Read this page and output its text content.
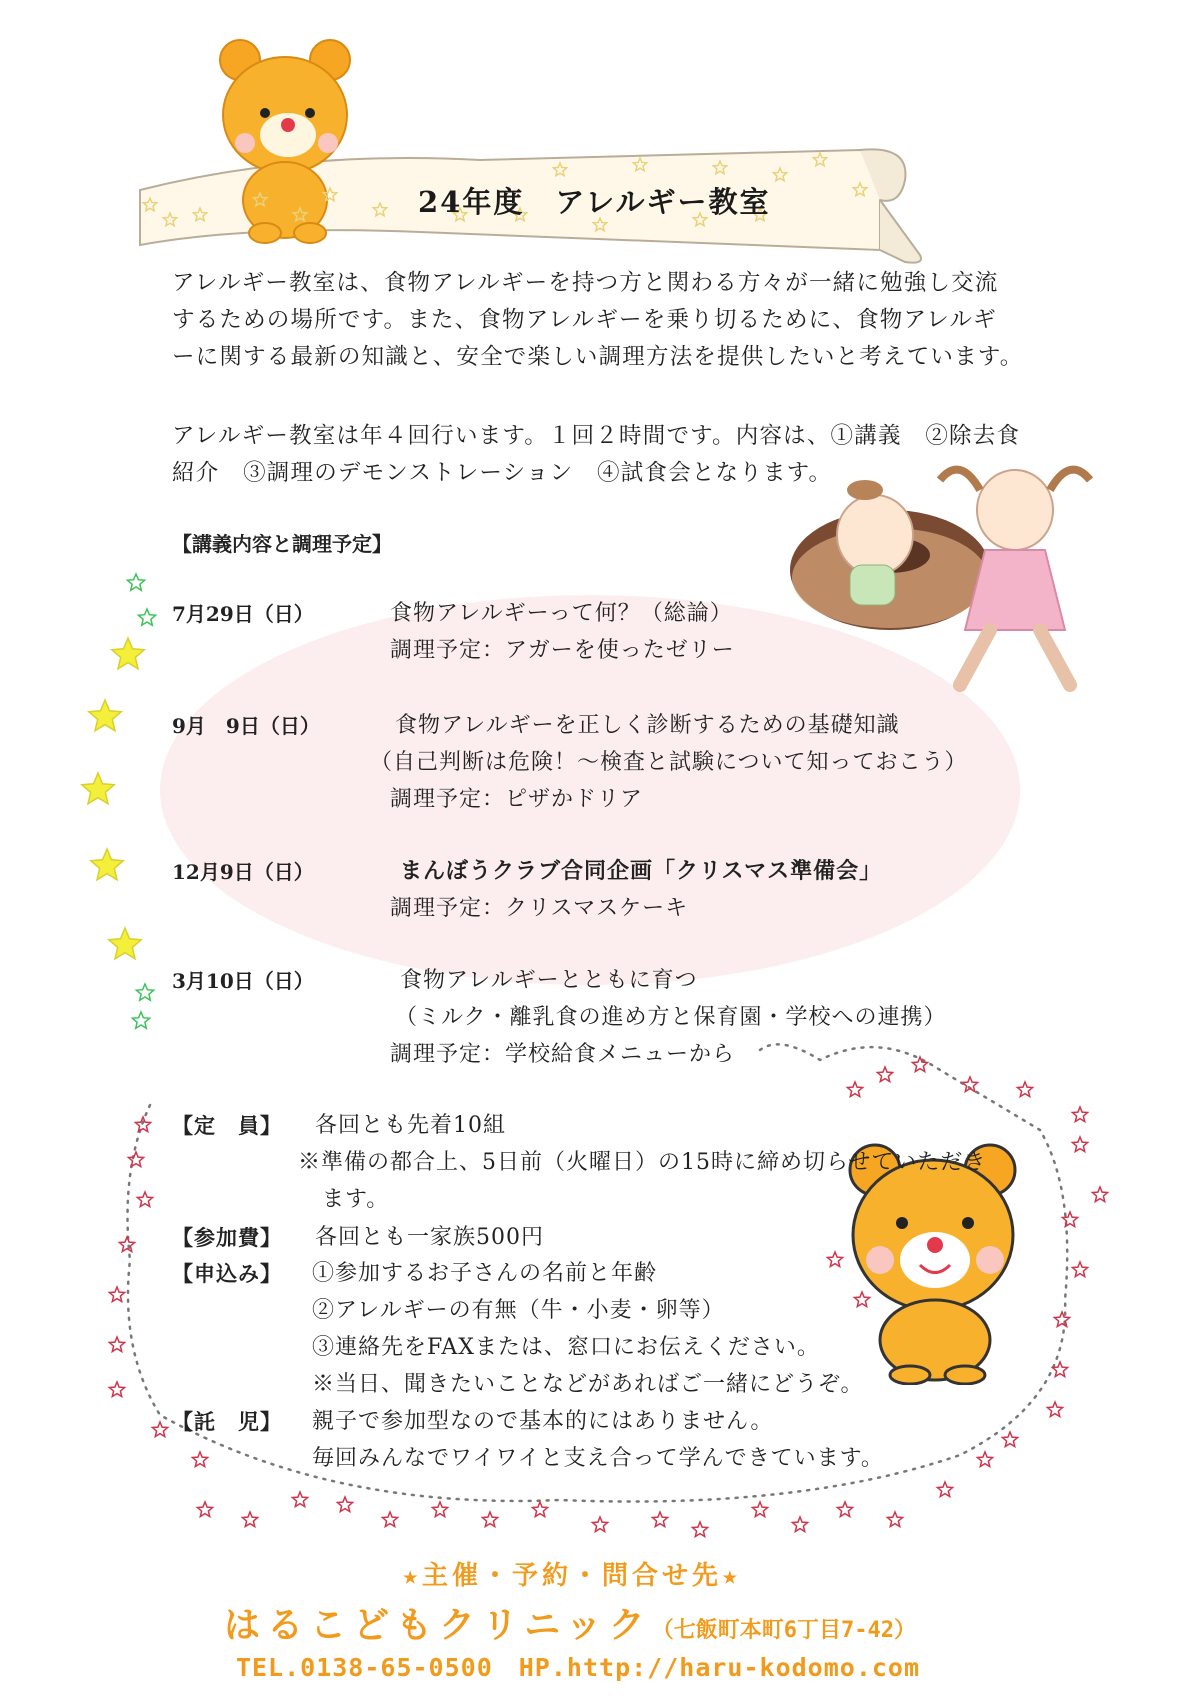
24年度　アレルギー教室
アレルギー教室は、食物アレルギーを持つ方と関わる方々が一緒に勉強し交流
するための場所です。また、食物アレルギーを乗り切るために、食物アレルギ
ーに関する最新の知識と、安全で楽しい調理方法を提供したいと考えています。
アレルギー教室は年４回行います。１回２時間です。内容は、①講義　②除去食
紹介　③調理のデモンストレーション　④試食会となります。
【講義内容と調理予定】
7月29日（日）	食物アレルギーって何？（総論）
調理予定：アガーを使ったゼリー
9月　9日（日）	食物アレルギーを正しく診断するための基礎知識
（自己判断は危険！～検査と試験について知っておこう）
調理予定：ピザかドリア
12月9日（日）	まんぼうクラブ合同企画「クリスマス準備会」
調理予定：クリスマスケーキ
3月10日（日）	食物アレルギーとともに育つ
（ミルク・離乳食の進め方と保育園・学校への連携）
調理予定：学校給食メニューから
【定　員】 各回とも先着10組
※準備の都合上、5日前（火曜日）の15時に締め切らせていただき
ます。
【参加費】 各回とも一家族500円
【申込み】 ①参加するお子さんの名前と年齢
②アレルギーの有無（牛・小麦・卵等）
③連絡先をFAXまたは、窓口にお伝えください。
※当日、聞きたいことなどがあればご一緒にどうぞ。
【託　児】 親子で参加型なので基本的にはありません。
毎回みんなでワイワイと支え合って学んできています。
★主催・予約・問合せ先★
はるこどもクリニック（七飯町本町6丁目7-42）
TEL.0138-65-0500　HP.http://haru-kodomo.com
